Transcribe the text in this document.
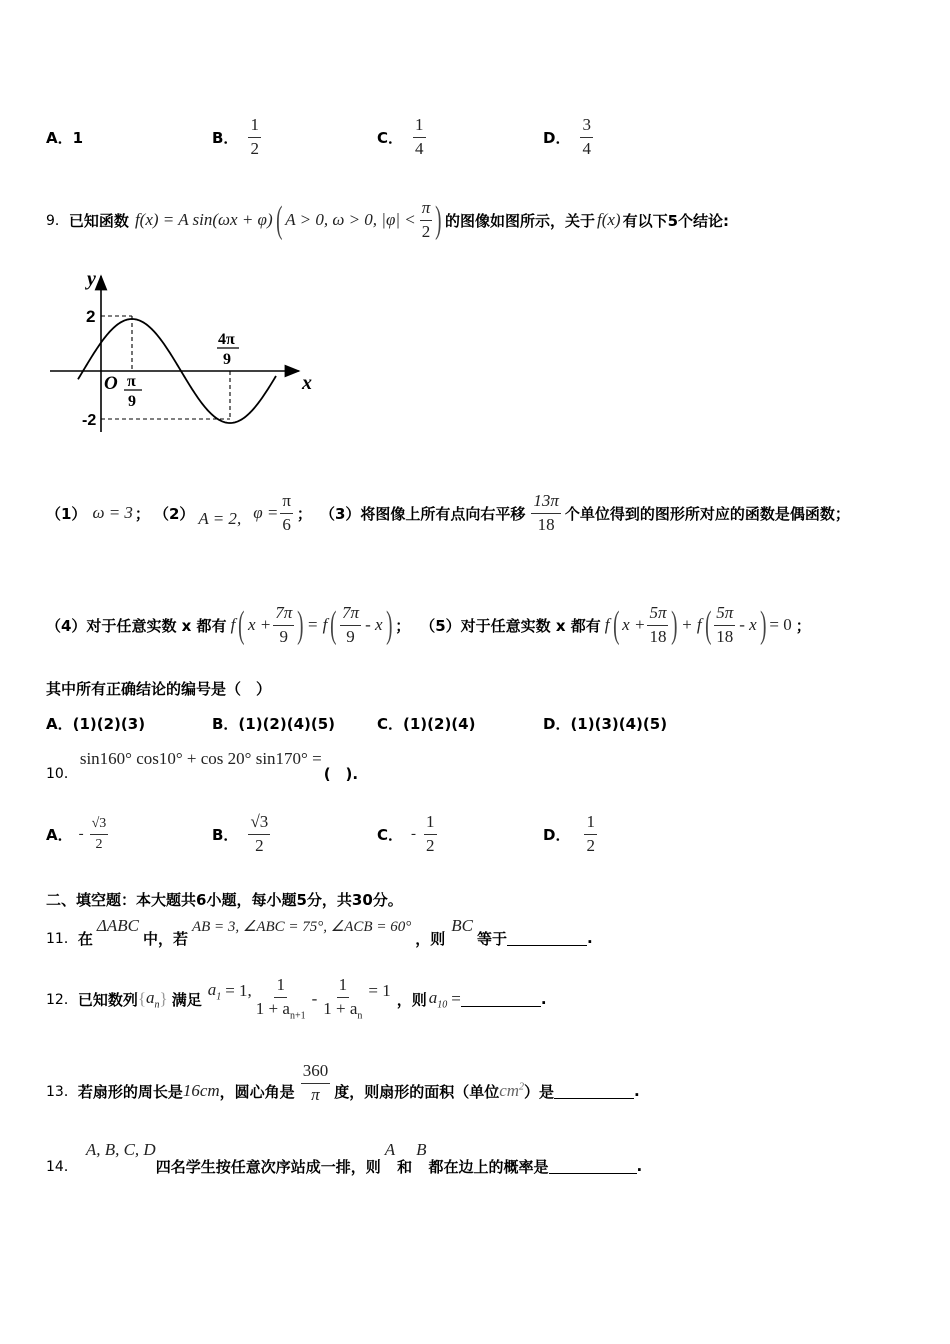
A． 1	B． $\frac{1}{2}$	C． $\frac{1}{4}$	D． $\frac{3}{4}$
9． 已知函数 f(x) = A sin(ωx + φ) ( A > 0, ω > 0, $|\varphi| < \frac{\pi}{2}$ ) 的图像如图所示，关于 f(x) 有以下5个结论:
y
x
2
-2
O π
9
4π
9
（1） ω = 3 ； （2） A = 2 , $\varphi = \frac{\pi}{6}$ ； （3）将图像上所有点向右平移 $\frac{13\pi}{18}$ 个单位得到的图形所对应的函数是偶函数；
（4）对于任意实数 x 都有 f ( $x + \frac{7\pi}{9}$ ) = f ( $\frac{7\pi}{9}$ - x ) ； （5）对于任意实数 x 都有 f ( $x + \frac{5\pi}{18}$ ) + f ( $\frac{5\pi}{18}$ - x ) = 0 ；
其中所有正确结论的编号是（　）
A．(1)(2)(3)	B．(1)(2)(4)(5)	C．(1)(2)(4)	D．(1)(3)(4)(5)
10．
sin160° cos10° + cos 20° sin170° =
(　).
A． - $\frac{√3}{2}$	B． $\frac{√3}{2}$	C． - $\frac{1}{2}$	D． $\frac{1}{2}$
二、填空题：本大题共6小题，每小题5分，共30分。
11． 在
ΔABC
中，若
AB = 3, ∠ABC = 75°, ∠ACB = 60°
，则
BC
等于	.
12． 已知数列 { $a_n$ } 满足
$a_1 = 1$, $\frac{1}{1 + a_{n+1}} - \frac{1}{1 + a_n} = 1$ ，则 $a_{10}$ =	.
13． 若扇形的周长是 16cm ，圆心角是 $\frac{360}{\pi}$ 度，则扇形的面积（单位 $cm^2$ ）是	.
14．
A, B, C, D
四名学生按任意次序站成一排，则
A
和
B
都在边上的概率是	.
